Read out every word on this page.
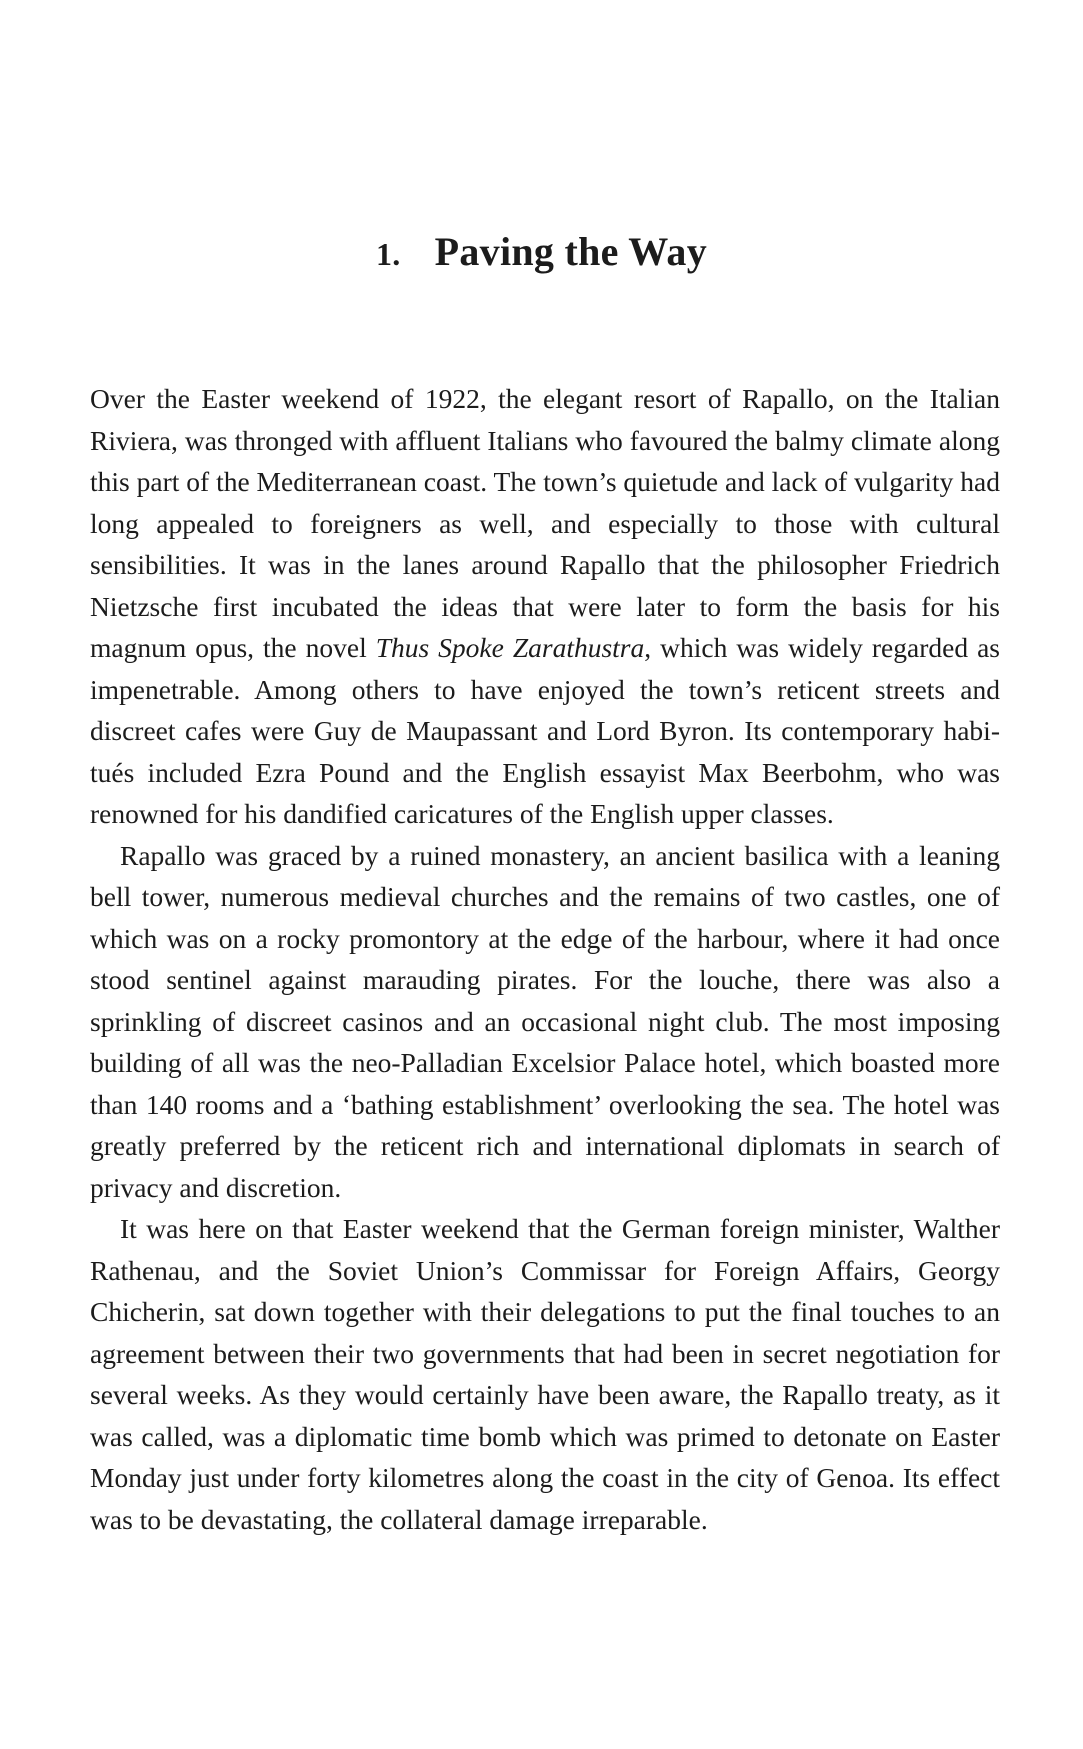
1. Paving the Way

Over the Easter weekend of 1922, the elegant resort of Rapallo, on the Italian Riviera, was thronged with affluent Italians who favoured the balmy climate along this part of the Mediterranean coast. The town’s quietude and lack of vulgarity had long appealed to foreigners as well, and especially to those with cultural sensibilities. It was in the lanes around Rapallo that the philosopher Friedrich Nietzsche first incubated the ideas that were later to form the basis for his magnum opus, the novel Thus Spoke Zarathustra, which was widely regarded as impenetrable. Among others to have enjoyed the town’s reticent streets and discreet cafes were Guy de Maupassant and Lord Byron. Its contemporary habitués included Ezra Pound and the English essayist Max Beerbohm, who was renowned for his dandified caricatures of the English upper classes.

Rapallo was graced by a ruined monastery, an ancient basilica with a leaning bell tower, numerous medieval churches and the remains of two castles, one of which was on a rocky promontory at the edge of the harbour, where it had once stood sentinel against marauding pirates. For the louche, there was also a sprinkling of discreet casinos and an occasional night club. The most imposing building of all was the neo-Palladian Excelsior Palace hotel, which boasted more than 140 rooms and a ‘bathing establishment’ overlooking the sea. The hotel was greatly preferred by the reticent rich and international diplomats in search of privacy and discretion.

It was here on that Easter weekend that the German foreign minister, Walther Rathenau, and the Soviet Union’s Commissar for Foreign Affairs, Georgy Chicherin, sat down together with their delegations to put the final touches to an agreement between their two governments that had been in secret negotiation for several weeks. As they would certainly have been aware, the Rapallo treaty, as it was called, was a diplomatic time bomb which was primed to detonate on Easter Monday just under forty kilometres along the coast in the city of Genoa. Its effect was to be devastating, the collateral damage irreparable.
